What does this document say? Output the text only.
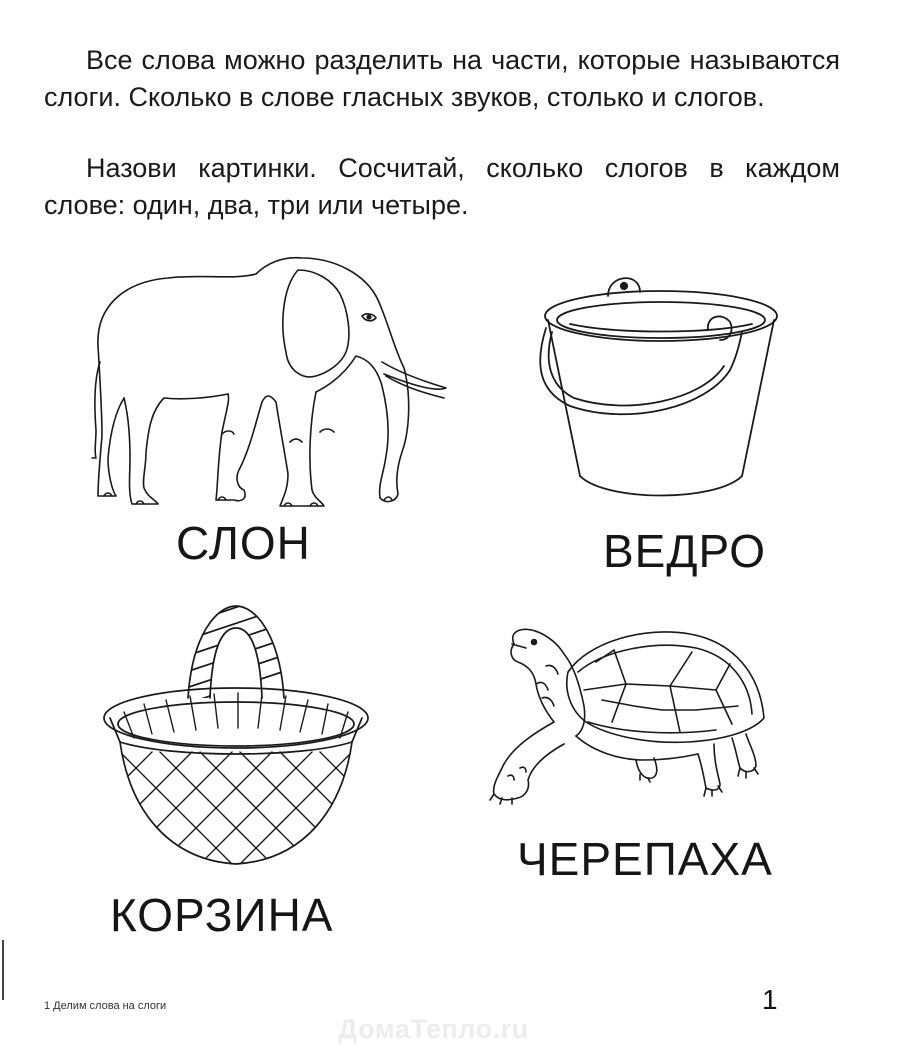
Все слова можно разделить на части, которые называются слоги. Сколько в слове гласных звуков, столько и слогов.

Назови картинки. Сосчитай, сколько слогов в каждом слове: один, два, три или четыре.

СЛОН	ВЕДРО
КОРЗИНА
ЧЕРЕПАХА
1 Делим слова на слоги	1
ДомаТепло.ru
